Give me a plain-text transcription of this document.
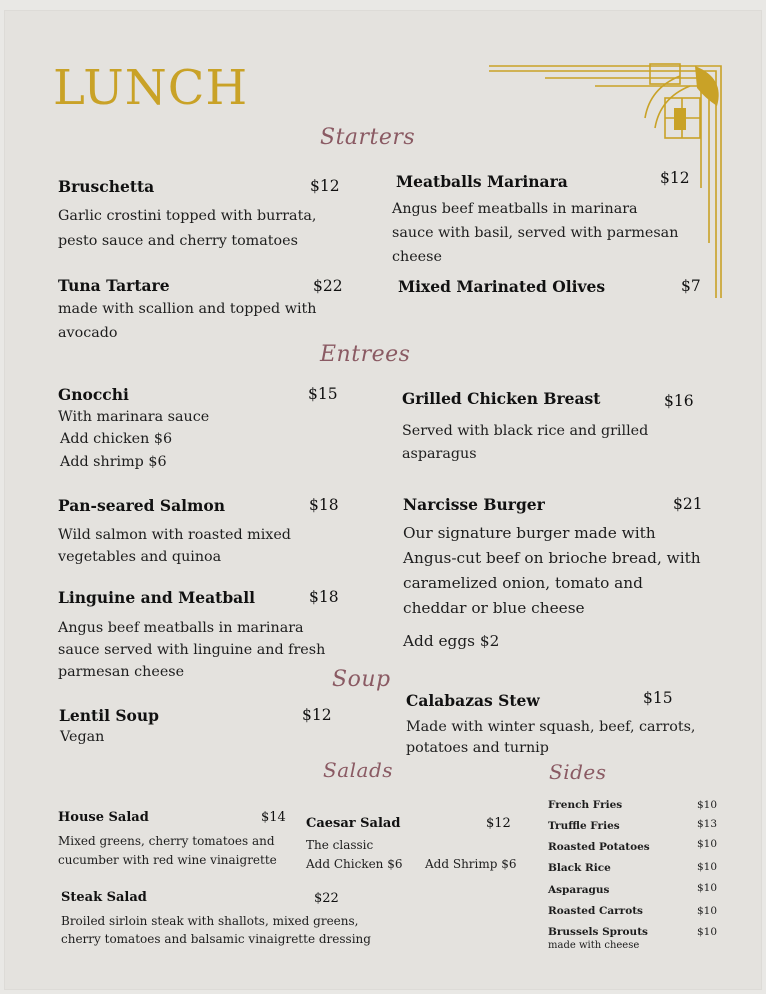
LUNCH
Starters
Bruschetta	$12
Garlic crostini topped with burrata,
pesto sauce and cherry tomatoes
Meatballs Marinara	$12
Angus beef meatballs in marinara
sauce with basil, served with parmesan
cheese
Tuna Tartare	$22
made with scallion and topped with
avocado
Mixed Marinated Olives	$7
Entrees
Gnocchi	$15
With marinara sauce
Add chicken $6
Add shrimp $6
Grilled Chicken Breast	$16
Served with black rice and grilled
asparagus
Pan-seared Salmon	$18
Wild salmon with roasted mixed
vegetables and quinoa
Narcisse Burger	$21
Our signature burger made with
Angus-cut beef on brioche bread, with
caramelized onion, tomato and
cheddar or blue cheese
Add eggs $2
Linguine and Meatball	$18
Angus beef meatballs in marinara
sauce served with linguine and fresh
parmesan cheese	Soup
Lentil Soup	$12
Vegan
Calabazas Stew	$15
Made with winter squash, beef, carrots,
potatoes and turnip
Salads
House Salad	$14
Mixed greens, cherry tomatoes and
cucumber with red wine vinaigrette
Caesar Salad	$12
The classic
Add Chicken $6 Add Shrimp $6
Steak Salad	$22
Broiled sirloin steak with shallots, mixed greens,
cherry tomatoes and balsamic vinaigrette dressing
Sides
French Fries	$10
Truffle Fries	$13
Roasted Potatoes	$10
Black Rice	$10
Asparagus	$10
Roasted Carrots	$10
Brussels Sprouts	$10
made with cheese
